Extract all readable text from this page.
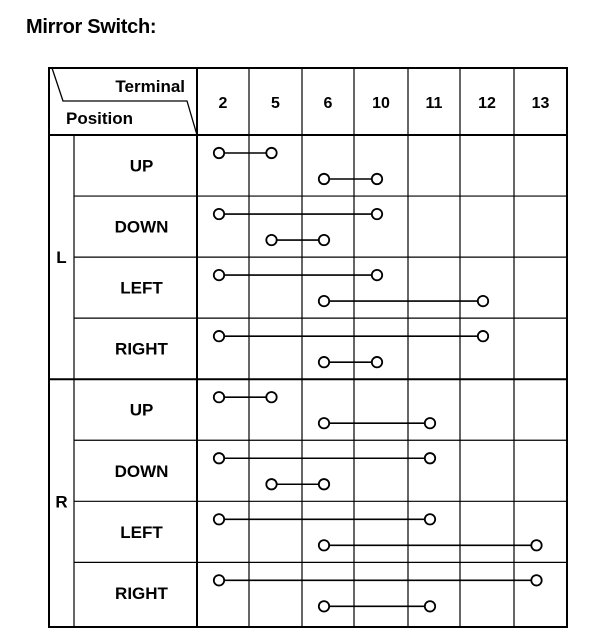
Mirror Switch:
Terminal
Position
2	5	6 10 11 12 13
L
UP
DOWN
LEFT
RIGHT
R
UP
DOWN
LEFT
RIGHT
